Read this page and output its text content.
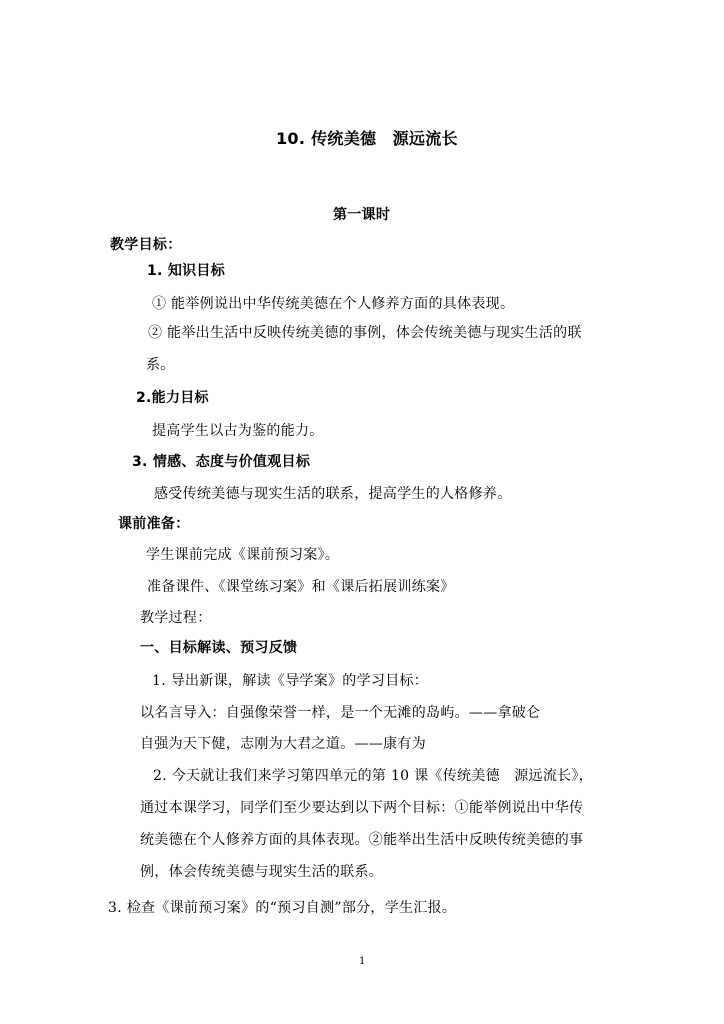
10. 传统美德　源远流长
第一课时
教学目标：
1. 知识目标
① 能举例说出中华传统美德在个人修养方面的具体表现。
② 能举出生活中反映传统美德的事例，体会传统美德与现实生活的联
系。
2.能力目标
提高学生以古为鉴的能力。
3. 情感、态度与价值观目标
感受传统美德与现实生活的联系，提高学生的人格修养。
课前准备：
学生课前完成《课前预习案》。
准备课件、《课堂练习案》和《课后拓展训练案》
教学过程：
一、目标解读、预习反馈
1. 导出新课，解读《导学案》的学习目标：
以名言导入：自强像荣誉一样，是一个无滩的岛屿。——拿破仑
自强为天下健，志刚为大君之道。——康有为
2. 今天就让我们来学习第四单元的第 10 课《传统美德　源远流长》，
通过本课学习，同学们至少要达到以下两个目标：①能举例说出中华传
统美德在个人修养方面的具体表现。②能举出生活中反映传统美德的事
例，体会传统美德与现实生活的联系。
3. 检查《课前预习案》的“预习自测”部分，学生汇报。
1
